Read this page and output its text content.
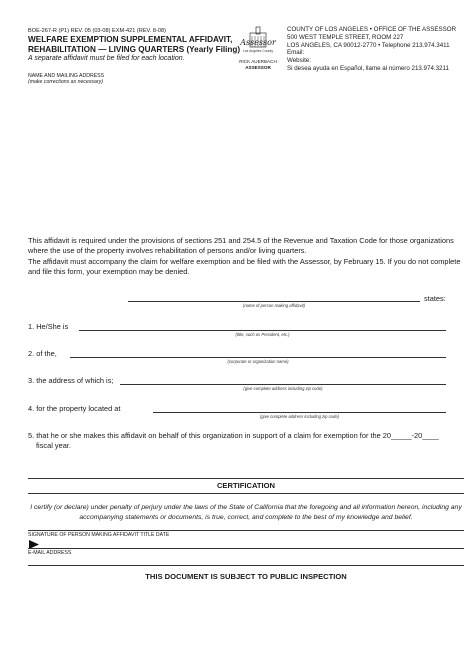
BOE-267-R (P1) REV. 05 (03-08) EXM-421 (REV. 8-08)
WELFARE EXEMPTION SUPPLEMENTAL AFFIDAVIT,
REHABILITATION — LIVING QUARTERS (Yearly Filing)
A separate affidavit must be filed for each location.
Assessor
Los Angeles County
RICK AUERBACH
ASSESSOR
COUNTY OF LOS ANGELES • OFFICE OF THE ASSESSOR
500 WEST TEMPLE STREET, ROOM 227
LOS ANGELES, CA 90012-2770 • Telephone 213.974.3411
Email:
Website:
Si desea ayuda en Español, llame al número 213.974.3211
NAME AND MAILING ADDRESS
(make corrections as necessary)
This affidavit is required under the provisions of sections 251 and 254.5 of the Revenue and Taxation Code for those organizations where the use of the property involves rehabilitation of persons and/or living quarters.
The affidavit must accompany the claim for welfare exemption and be filed with the Assessor, by February 15. If you do not complete and file this form, your exemption may be denied.
(name of person making affidavit)
states:
1. He/She is
(title, such as President, etc.)
2. of the,
(corporate or organization name)
3. the address of which is;
(give complete address including zip code)
4. for the property located at
(give complete address including zip code)
5. that he or she makes this affidavit on behalf of this organization in support of a claim for exemption for the 20_____-20____
fiscal year.
CERTIFICATION
I certify (or declare) under penalty of perjury under the laws of the State of California that the foregoing and all information hereon, including any accompanying statements or documents, is true, correct, and complete to the best of my knowledge and belief.
SIGNATURE OF PERSON MAKING AFFIDAVIT TITLE DATE
E-MAIL ADDRESS
THIS DOCUMENT IS SUBJECT TO PUBLIC INSPECTION
